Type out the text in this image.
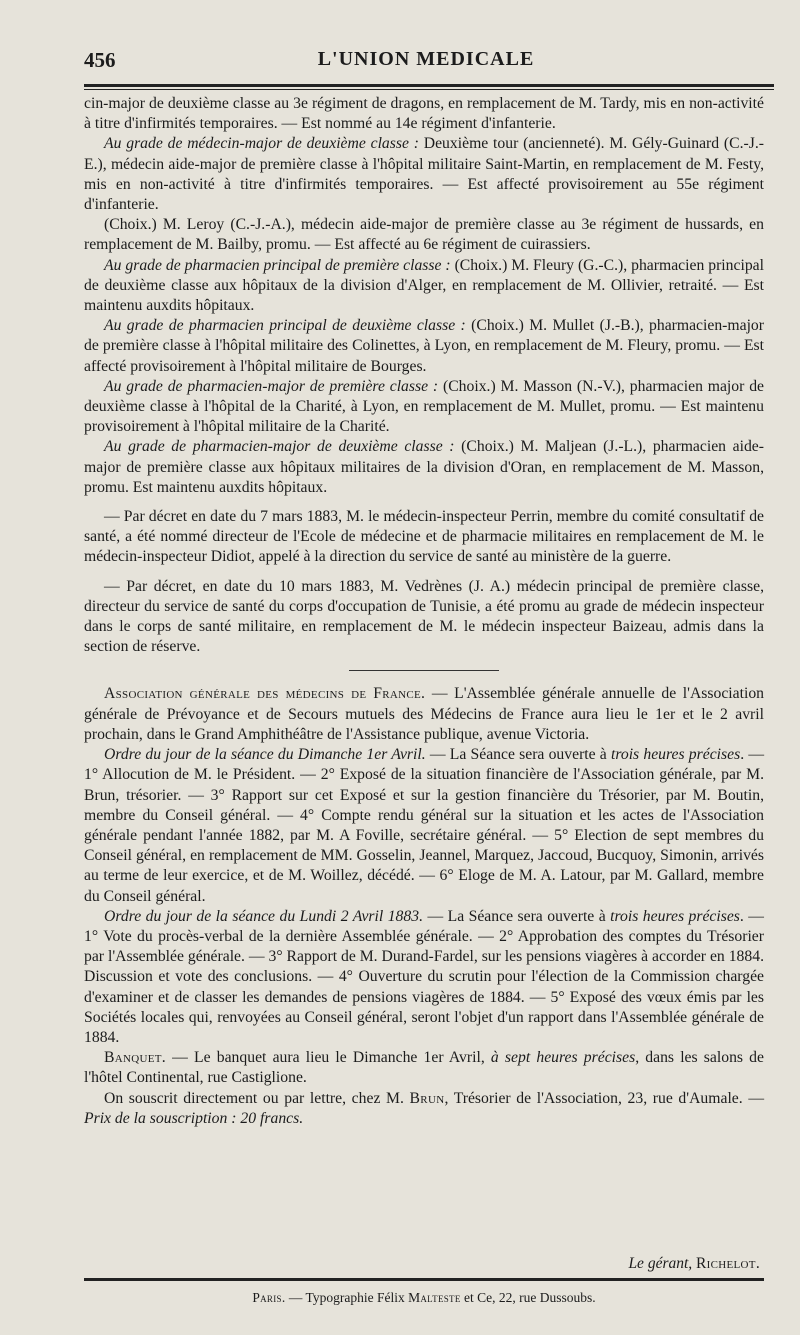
456	L'UNION MEDICALE

cin-major de deuxième classe au 3e régiment de dragons, en remplacement de M. Tardy, mis en non-activité à titre d'infirmités temporaires. — Est nommé au 14e régiment d'infanterie.

Au grade de médecin-major de deuxième classe : Deuxième tour (ancienneté). M. Gély-Guinard (C.-J.-E.), médecin aide-major de première classe à l'hôpital militaire Saint-Martin, en remplacement de M. Festy, mis en non-activité à titre d'infirmités temporaires. — Est affecté provisoirement au 55e régiment d'infanterie.

(Choix.) M. Leroy (C.-J.-A.), médecin aide-major de première classe au 3e régiment de hussards, en remplacement de M. Bailby, promu. — Est affecté au 6e régiment de cuirassiers.

Au grade de pharmacien principal de première classe : (Choix.) M. Fleury (G.-C.), pharmacien principal de deuxième classe aux hôpitaux de la division d'Alger, en remplacement de M. Ollivier, retraité. — Est maintenu auxdits hôpitaux.

Au grade de pharmacien principal de deuxième classe : (Choix.) M. Mullet (J.-B.), pharmacien-major de première classe à l'hôpital militaire des Colinettes, à Lyon, en remplacement de M. Fleury, promu. — Est affecté provisoirement à l'hôpital militaire de Bourges.

Au grade de pharmacien-major de première classe : (Choix.) M. Masson (N.-V.), pharmacien major de deuxième classe à l'hôpital de la Charité, à Lyon, en remplacement de M. Mullet, promu. — Est maintenu provisoirement à l'hôpital militaire de la Charité.

Au grade de pharmacien-major de deuxième classe : (Choix.) M. Maljean (J.-L.), pharmacien aide-major de première classe aux hôpitaux militaires de la division d'Oran, en remplacement de M. Masson, promu. Est maintenu auxdits hôpitaux.

— Par décret en date du 7 mars 1883, M. le médecin-inspecteur Perrin, membre du comité consultatif de santé, a été nommé directeur de l'Ecole de médecine et de pharmacie militaires en remplacement de M. le médecin-inspecteur Didiot, appelé à la direction du service de santé au ministère de la guerre.

— Par décret, en date du 10 mars 1883, M. Vedrènes (J. A.) médecin principal de première classe, directeur du service de santé du corps d'occupation de Tunisie, a été promu au grade de médecin inspecteur dans le corps de santé militaire, en remplacement de M. le médecin inspecteur Baizeau, admis dans la section de réserve.

Association générale des médecins de France. — L'Assemblée générale annuelle de l'Association générale de Prévoyance et de Secours mutuels des Médecins de France aura lieu le 1er et le 2 avril prochain, dans le Grand Amphithéâtre de l'Assistance publique, avenue Victoria.

Ordre du jour de la séance du Dimanche 1er Avril. — La Séance sera ouverte à trois heures précises. — 1° Allocution de M. le Président. — 2° Exposé de la situation financière de l'Association générale, par M. Brun, trésorier. — 3° Rapport sur cet Exposé et sur la gestion financière du Trésorier, par M. Boutin, membre du Conseil général. — 4° Compte rendu général sur la situation et les actes de l'Association générale pendant l'année 1882, par M. A Foville, secrétaire général. — 5° Election de sept membres du Conseil général, en remplacement de MM. Gosselin, Jeannel, Marquez, Jaccoud, Bucquoy, Simonin, arrivés au terme de leur exercice, et de M. Woillez, décédé. — 6° Eloge de M. A. Latour, par M. Gallard, membre du Conseil général.

Ordre du jour de la séance du Lundi 2 Avril 1883. — La Séance sera ouverte à trois heures précises. — 1° Vote du procès-verbal de la dernière Assemblée générale. — 2° Approbation des comptes du Trésorier par l'Assemblée générale. — 3° Rapport de M. Durand-Fardel, sur les pensions viagères à accorder en 1884. Discussion et vote des conclusions. — 4° Ouverture du scrutin pour l'élection de la Commission chargée d'examiner et de classer les demandes de pensions viagères de 1884. — 5° Exposé des vœux émis par les Sociétés locales qui, renvoyées au Conseil général, seront l'objet d'un rapport dans l'Assemblée générale de 1884.

Banquet. — Le banquet aura lieu le Dimanche 1er Avril, à sept heures précises, dans les salons de l'hôtel Continental, rue Castiglione.

On souscrit directement ou par lettre, chez M. Brun, Trésorier de l'Association, 23, rue d'Aumale. — Prix de la souscription : 20 francs.

Le gérant, Richelot.
Paris. — Typographie Félix Malteste et Ce, 22, rue Dussoubs.
